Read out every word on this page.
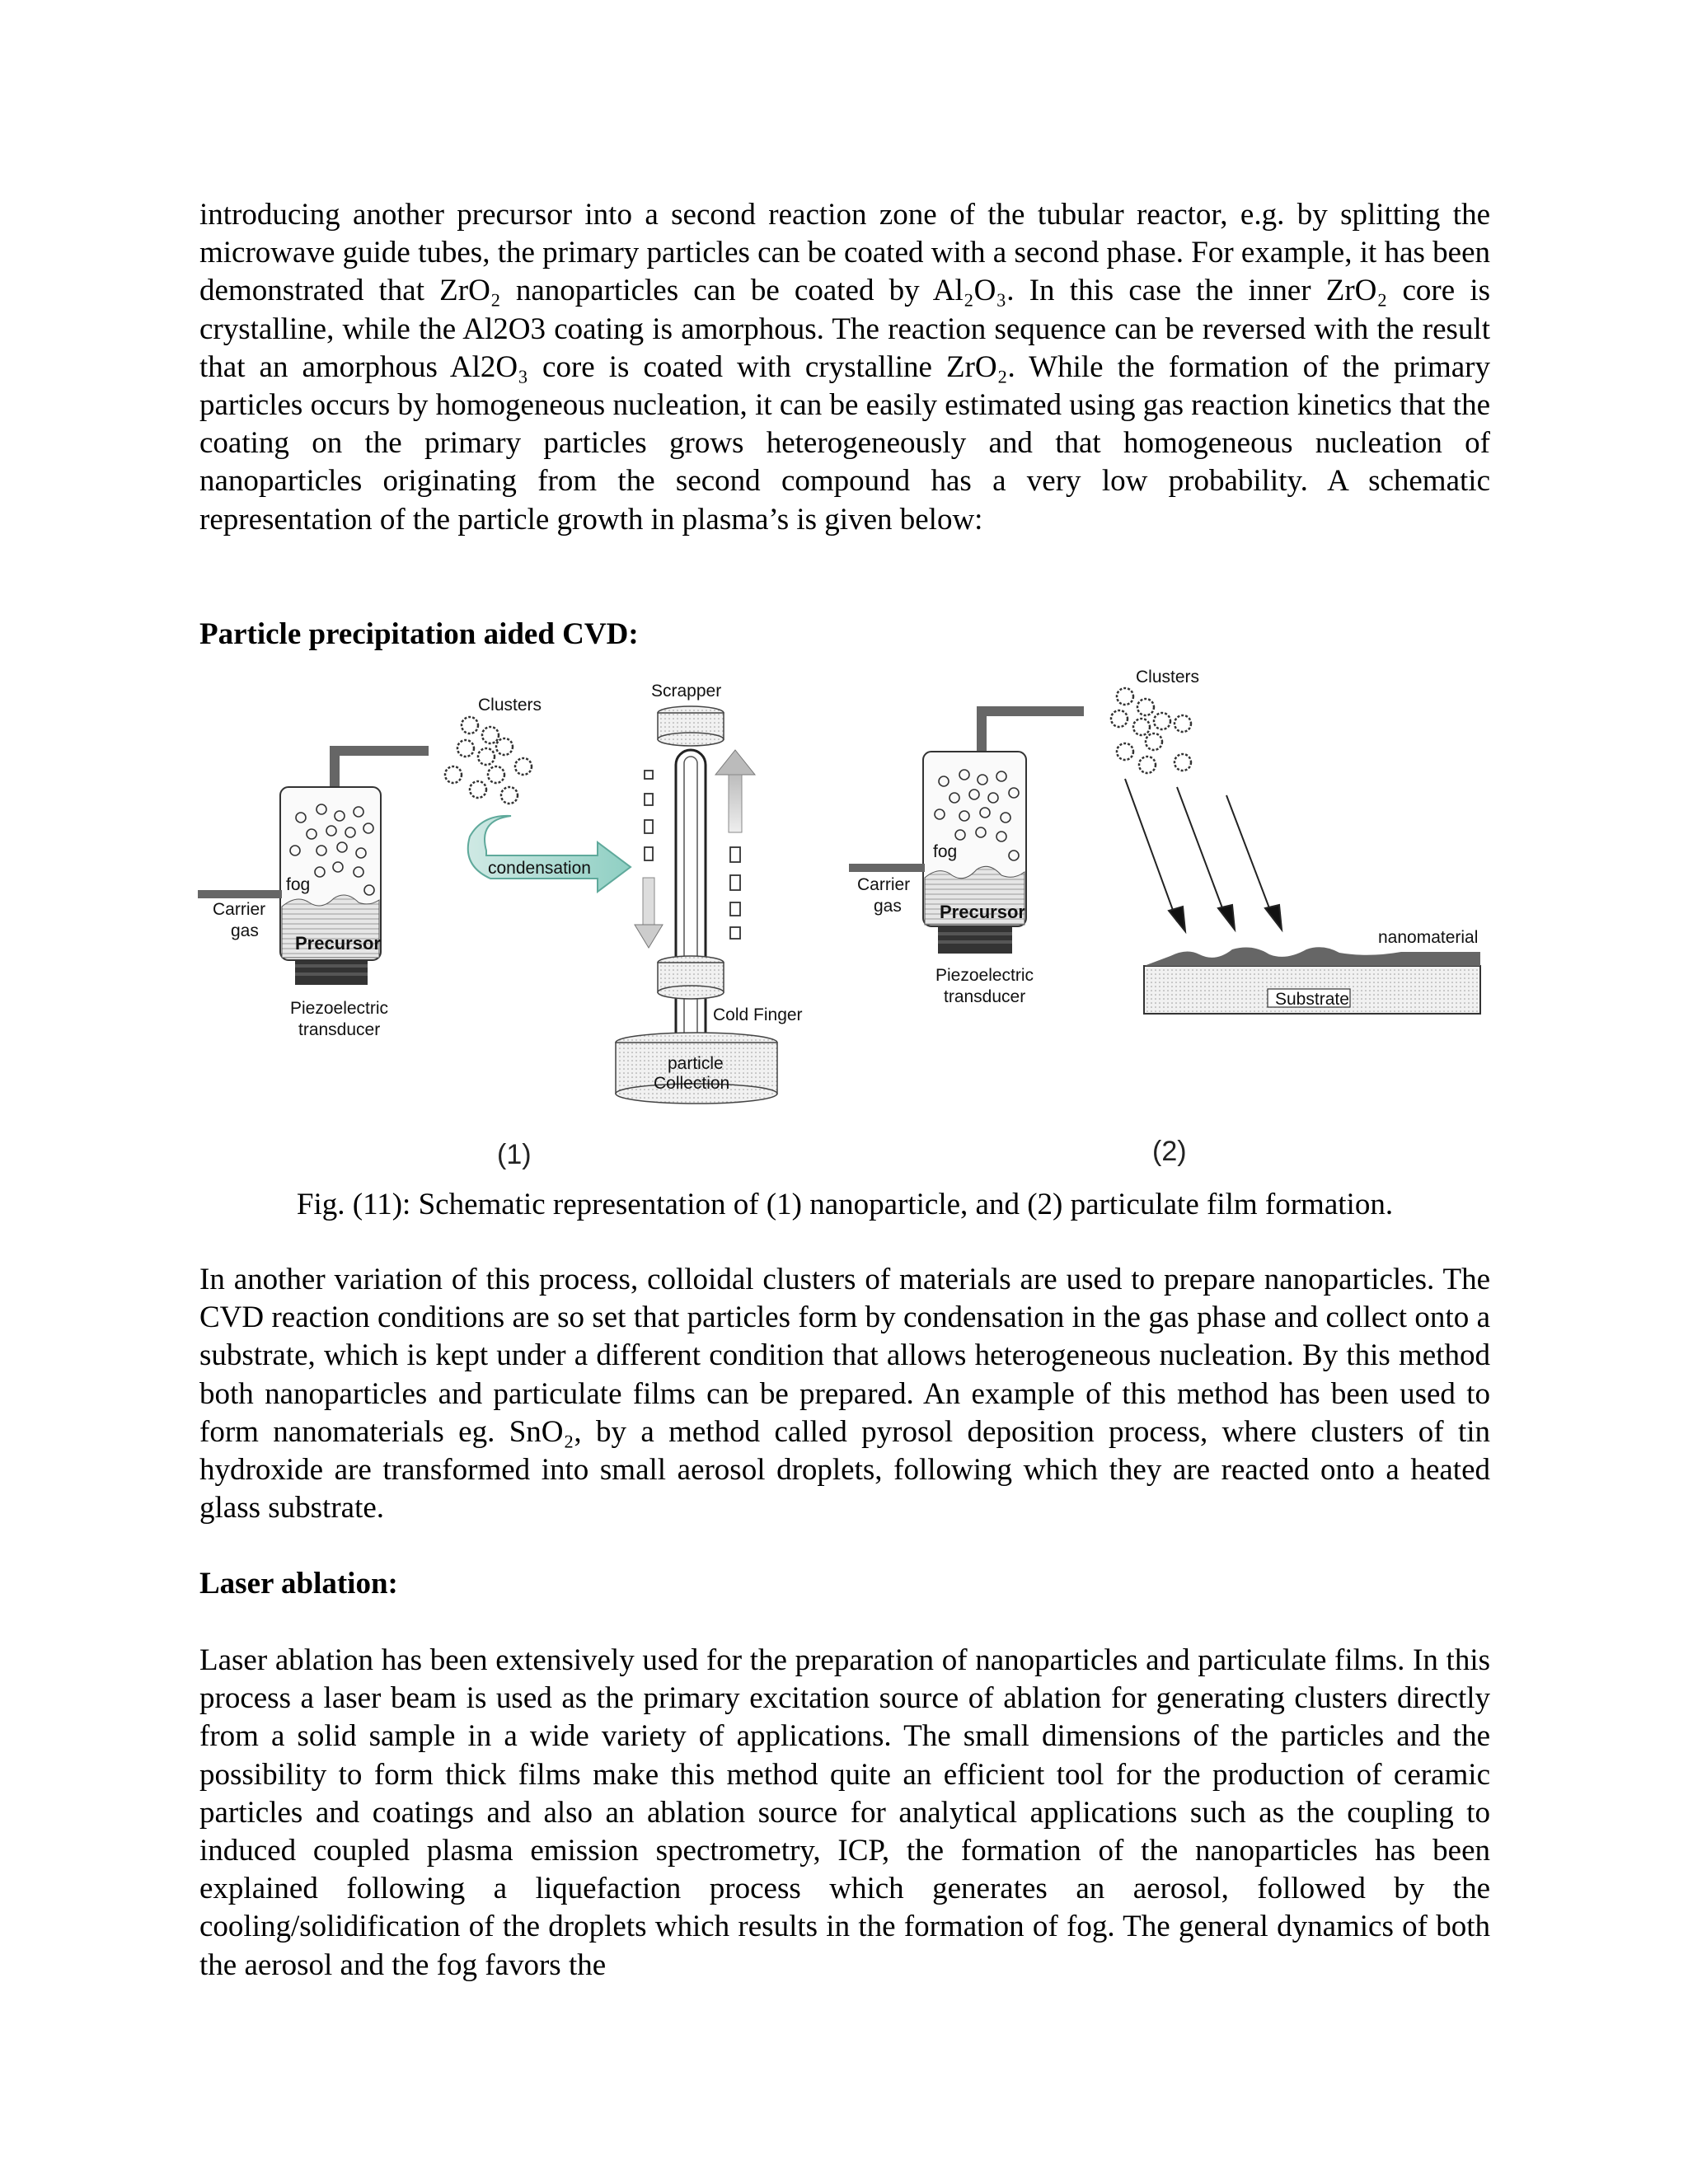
introducing another precursor into a second reaction zone of the tubular reactor, e.g. by splitting the microwave guide tubes, the primary particles can be coated with a second phase. For example, it has been demonstrated that ZrO₂ nanoparticles can be coated by Al₂O₃. In this case the inner ZrO₂ core is crystalline, while the Al2O3 coating is amorphous. The reaction sequence can be reversed with the result that an amorphous Al2O₃ core is coated with crystalline ZrO₂. While the formation of the primary particles occurs by homogeneous nucleation, it can be easily estimated using gas reaction kinetics that the coating on the primary particles grows heterogeneously and that homogeneous nucleation of nanoparticles originating from the second compound has a very low probability. A schematic representation of the particle growth in plasma’s is given below:
Particle precipitation aided CVD:
fog
Carrier
gas
Precursor
Piezoelectric
transducer
Clusters
condensation
Scrapper
Cold Finger
particle
Collection
(1)
fog
Carrier
gas Precursor
Piezoelectric
transducer
Clusters
Substrate
nanomaterial
(2)
Fig. (11): Schematic representation of (1) nanoparticle, and (2) particulate film formation.
In another variation of this process, colloidal clusters of materials are used to prepare nanoparticles. The CVD reaction conditions are so set that particles form by condensation in the gas phase and collect onto a substrate, which is kept under a different condition that allows heterogeneous nucleation. By this method both nanoparticles and particulate films can be prepared. An example of this method has been used to form nanomaterials eg. SnO₂, by a method called pyrosol deposition process, where clusters of tin hydroxide are transformed into small aerosol droplets, following which they are reacted onto a heated glass substrate.
Laser ablation:
Laser ablation has been extensively used for the preparation of nanoparticles and particulate films. In this process a laser beam is used as the primary excitation source of ablation for generating clusters directly from a solid sample in a wide variety of applications. The small dimensions of the particles and the possibility to form thick films make this method quite an efficient tool for the production of ceramic particles and coatings and also an ablation source for analytical applications such as the coupling to induced coupled plasma emission spectrometry, ICP, the formation of the nanoparticles has been explained following a liquefaction process which generates an aerosol, followed by the cooling/solidification of the droplets which results in the formation of fog. The general dynamics of both the aerosol and the fog favors the
